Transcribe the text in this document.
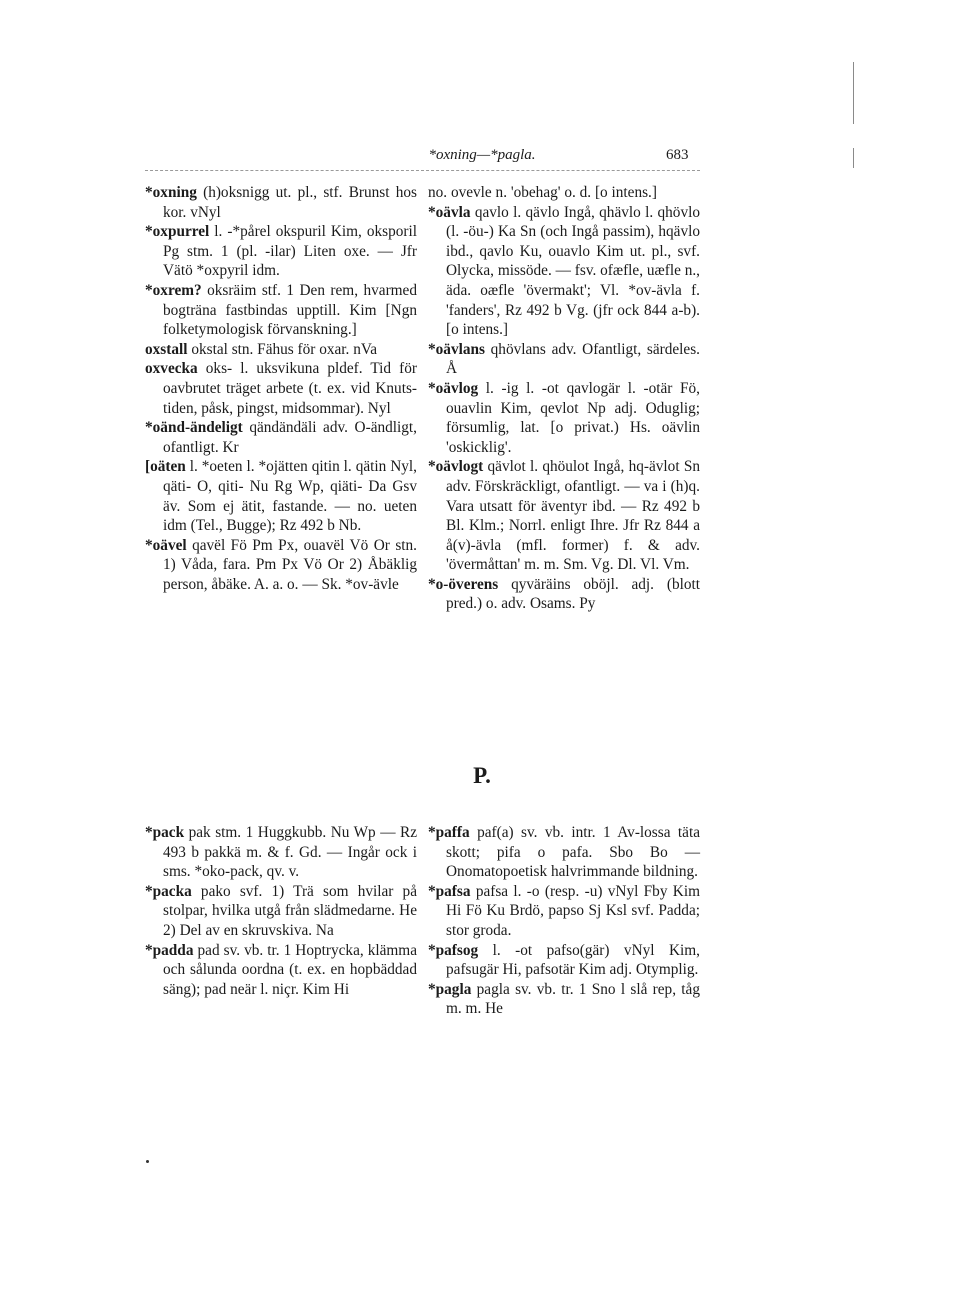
*oxning—*pagla.	683

*oxning (h)oksnigg ut. pl., stf. Brunst hos kor. vNyl

*oxpurrel l. -*pårel okspuril Kim, oksporil Pg stm. 1 (pl. -ilar) Liten oxe. — Jfr Vätö *oxpyril idm.

*oxrem? oksräim stf. 1 Den rem, hvarmed bogträna fastbindas upptill. Kim [Ngn folketymologisk förvanskning.]

oxstall okstal stn. Fähus för oxar. nVa

oxvecka oks- l. uksvikuna pldef. Tid för oavbrutet träget arbete (t. ex. vid Knuts-tiden, påsk, pingst, midsommar). Nyl

*oänd-ändeligt qändändäli adv. O-ändligt, ofantligt. Kr

[oäten l. *oeten l. *ojätten qitin l. qätin Nyl, qäti- O, qiti- Nu Rg Wp, qiäti- Da Gsv äv. Som ej ätit, fastande. — no. ueten idm (Tel., Bugge); Rz 492 b Nb.

*oävel qavël Fö Pm Px, ouavël Vö Or stn. 1) Våda, fara. Pm Px Vö Or 2) Åbäklig person, åbäke. A. a. o. — Sk. *ov-ävle

no. ovevle n. 'obehag' o. d. [o intens.]

*oävla qavlo l. qävlo Ingå, qhävlo l. qhövlo (l. -öu-) Ka Sn (och Ingå passim), hqävlo ibd., qavlo Ku, ouavlo Kim ut. pl., svf. Olycka, missöde. — fsv. ofæfle, uæfle n., äda. oæfle 'övermakt'; Vl. *ov-ävla f. 'fanders', Rz 492 b Vg. (jfr ock 844 a-b). [o intens.]

*oävlans qhövlans adv. Ofantligt, särdeles. Å

*oävlog l. -ig l. -ot qavlogär l. -otär Fö, ouavlin Kim, qevlot Np adj. Oduglig; försumlig, lat. [o privat.) Hs. oävlin 'oskicklig'.

*oävlogt qävlot l. qhöulot Ingå, hq-ävlot Sn adv. Förskräckligt, ofantligt. — va i (h)q. Vara utsatt för äventyr ibd. — Rz 492 b Bl. Klm.; Norrl. enligt Ihre. Jfr Rz 844 a å(v)-ävla (mfl. former) f. & adv. 'övermåttan' m. m. Sm. Vg. Dl. Vl. Vm.

*o-överens qyväräins oböjl. adj. (blott pred.) o. adv. Osams. Py

P.

*pack pak stm. 1 Huggkubb. Nu Wp — Rz 493 b pakkä m. & f. Gd. — Ingår ock i sms. *oko-pack, qv. v.

*packa pako svf. 1) Trä som hvilar på stolpar, hvilka utgå från slädmedarne. He 2) Del av en skruvskiva. Na

*padda pad sv. vb. tr. 1 Hoptrycka, klämma och sålunda oordna (t. ex. en hopbäddad säng); pad neär l. niçr. Kim Hi

*paffa paf(a) sv. vb. intr. 1 Av-lossa täta skott; pifa o pafa. Sbo Bo — Onomatopoetisk halvrimmande bildning.

*pafsa pafsa l. -o (resp. -u) vNyl Fby Kim Hi Fö Ku Brdö, papso Sj Ksl svf. Padda; stor groda.

*pafsog l. -ot pafso(gär) vNyl Kim, pafsugär Hi, pafsotär Kim adj. Otymplig.

*pagla pagla sv. vb. tr. 1 Sno l slå rep, tåg m. m. He
